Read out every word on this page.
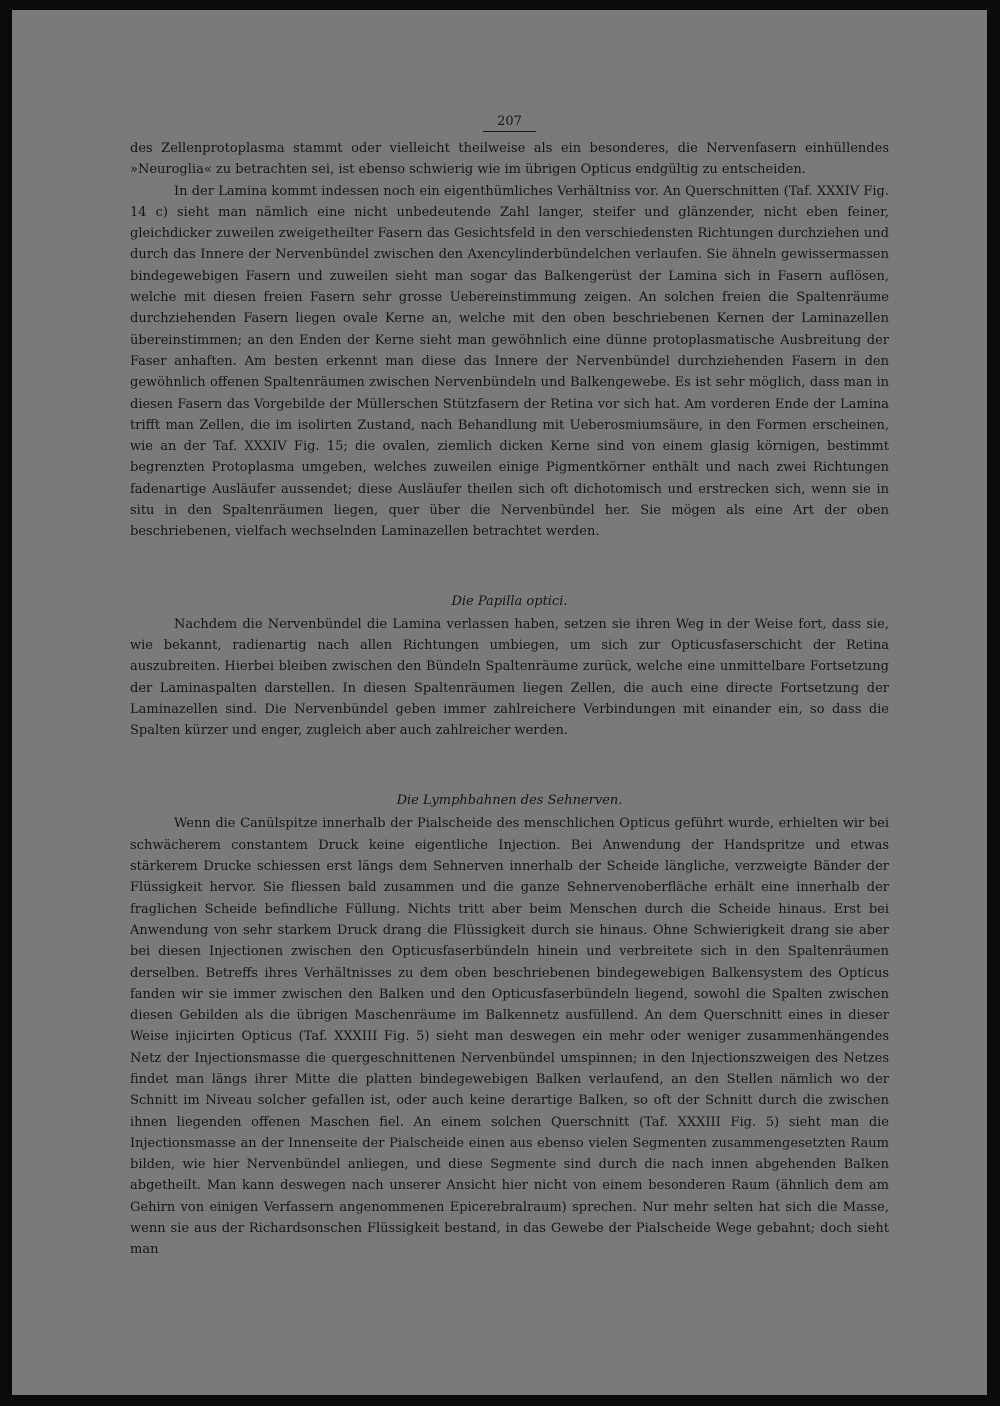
207

des Zellenprotoplasma stammt oder vielleicht theilweise als ein besonderes, die Nervenfasern einhüllendes »Neuroglia« zu betrachten sei, ist ebenso schwierig wie im übrigen Opticus endgültig zu entscheiden.

In der Lamina kommt indessen noch ein eigenthümliches Verhältniss vor. An Querschnitten (Taf. XXXIV Fig. 14 c) sieht man nämlich eine nicht unbedeutende Zahl langer, steifer und glänzender, nicht eben feiner, gleichdicker zuweilen zweigetheilter Fasern das Gesichtsfeld in den verschiedensten Richtungen durchziehen und durch das Innere der Nervenbündel zwischen den Axencylinderbündelchen verlaufen. Sie ähneln gewissermassen bindegewebigen Fasern und zuweilen sieht man sogar das Balkengerüst der Lamina sich in Fasern auflösen, welche mit diesen freien Fasern sehr grosse Uebereinstimmung zeigen. An solchen freien die Spaltenräume durchziehenden Fasern liegen ovale Kerne an, welche mit den oben beschriebenen Kernen der Laminazellen übereinstimmen; an den Enden der Kerne sieht man gewöhnlich eine dünne protoplasmatische Ausbreitung der Faser anhaften. Am besten erkennt man diese das Innere der Nervenbündel durchziehenden Fasern in den gewöhnlich offenen Spaltenräumen zwischen Nervenbündeln und Balkengewebe. Es ist sehr möglich, dass man in diesen Fasern das Vorgebilde der Müllerschen Stützfasern der Retina vor sich hat. Am vorderen Ende der Lamina trifft man Zellen, die im isolirten Zustand, nach Behandlung mit Ueberosmiumsäure, in den Formen erscheinen, wie an der Taf. XXXIV Fig. 15; die ovalen, ziemlich dicken Kerne sind von einem glasig körnigen, bestimmt begrenzten Protoplasma umgeben, welches zuweilen einige Pigmentkörner enthält und nach zwei Richtungen fadenartige Ausläufer aussendet; diese Ausläufer theilen sich oft dichotomisch und erstrecken sich, wenn sie in situ in den Spaltenräumen liegen, quer über die Nervenbündel her. Sie mögen als eine Art der oben beschriebenen, vielfach wechselnden Laminazellen betrachtet werden.

Die Papilla optici.

Nachdem die Nervenbündel die Lamina verlassen haben, setzen sie ihren Weg in der Weise fort, dass sie, wie bekannt, radienartig nach allen Richtungen umbiegen, um sich zur Opticusfaserschicht der Retina auszubreiten. Hierbei bleiben zwischen den Bündeln Spaltenräume zurück, welche eine unmittelbare Fortsetzung der Laminaspalten darstellen. In diesen Spaltenräumen liegen Zellen, die auch eine directe Fortsetzung der Laminazellen sind. Die Nervenbündel geben immer zahlreichere Verbindungen mit einander ein, so dass die Spalten kürzer und enger, zugleich aber auch zahlreicher werden.

Die Lymphbahnen des Sehnerven.

Wenn die Canülspitze innerhalb der Pialscheide des menschlichen Opticus geführt wurde, erhielten wir bei schwächerem constantem Druck keine eigentliche Injection. Bei Anwendung der Handspritze und etwas stärkerem Drucke schiessen erst längs dem Sehnerven innerhalb der Scheide längliche, verzweigte Bänder der Flüssigkeit hervor. Sie fliessen bald zusammen und die ganze Sehnervenoberfläche erhält eine innerhalb der fraglichen Scheide befindliche Füllung. Nichts tritt aber beim Menschen durch die Scheide hinaus. Erst bei Anwendung von sehr starkem Druck drang die Flüssigkeit durch sie hinaus. Ohne Schwierigkeit drang sie aber bei diesen Injectionen zwischen den Opticusfaserbündeln hinein und verbreitete sich in den Spaltenräumen derselben. Betreffs ihres Verhältnisses zu dem oben beschriebenen bindegewebigen Balkensystem des Opticus fanden wir sie immer zwischen den Balken und den Opticusfaserbündeln liegend, sowohl die Spalten zwischen diesen Gebilden als die übrigen Maschenräume im Balkennetz ausfüllend. An dem Querschnitt eines in dieser Weise injicirten Opticus (Taf. XXXIII Fig. 5) sieht man deswegen ein mehr oder weniger zusammenhängendes Netz der Injectionsmasse die quergeschnittenen Nervenbündel umspinnen; in den Injectionszweigen des Netzes findet man längs ihrer Mitte die platten bindegewebigen Balken verlaufend, an den Stellen nämlich wo der Schnitt im Niveau solcher gefallen ist, oder auch keine derartige Balken, so oft der Schnitt durch die zwischen ihnen liegenden offenen Maschen fiel. An einem solchen Querschnitt (Taf. XXXIII Fig. 5) sieht man die Injectionsmasse an der Innenseite der Pialscheide einen aus ebenso vielen Segmenten zusammengesetzten Raum bilden, wie hier Nervenbündel anliegen, und diese Segmente sind durch die nach innen abgehenden Balken abgetheilt. Man kann deswegen nach unserer Ansicht hier nicht von einem besonderen Raum (ähnlich dem am Gehirn von einigen Verfassern angenommenen Epicerebralraum) sprechen. Nur mehr selten hat sich die Masse, wenn sie aus der Richardsonschen Flüssigkeit bestand, in das Gewebe der Pialscheide Wege gebahnt; doch sieht man
